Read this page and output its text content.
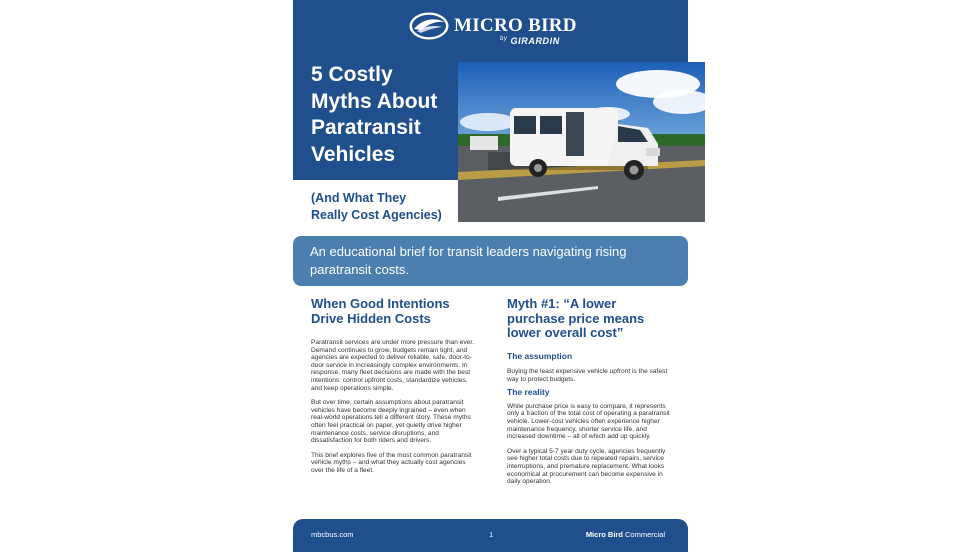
MICRO BIRD
$^{by}$ GIRARDIN
5 Costly
Myths About
Paratransit
Vehicles
(And What They
Really Cost Agencies)
An educational brief for transit leaders navigating rising paratransit costs.
When Good Intentions
Drive Hidden Costs

Paratransit services are under more pressure than ever. Demand continues to grow, budgets remain tight, and agencies are expected to deliver reliable, safe, door-to-door service in increasingly complex environments. In response, many fleet decisions are made with the best intentions: control upfront costs, standardize vehicles, and keep operations simple.

But over time, certain assumptions about paratransit vehicles have become deeply ingrained – even when real-world operations tell a different story. These myths often feel practical on paper, yet quietly drive higher maintenance costs, service disruptions, and dissatisfaction for both riders and drivers.

This brief explores five of the most common paratransit vehicle myths – and what they actually cost agencies over the life of a fleet.

Myth #1: “A lower
purchase price means
lower overall cost”
The assumption

Buying the least expensive vehicle upfront is the safest way to protect budgets.

The reality

While purchase price is easy to compare, it represents only a fraction of the total cost of operating a paratransit vehicle. Lower-cost vehicles often experience higher maintenance frequency, shorter service life, and increased downtime – all of which add up quickly.

Over a typical 5-7 year duty cycle, agencies frequently see higher total costs due to repeated repairs, service interruptions, and premature replacement. What looks economical at procurement can become expensive in daily operation.

mbcbus.com	1	Micro Bird Commercial
